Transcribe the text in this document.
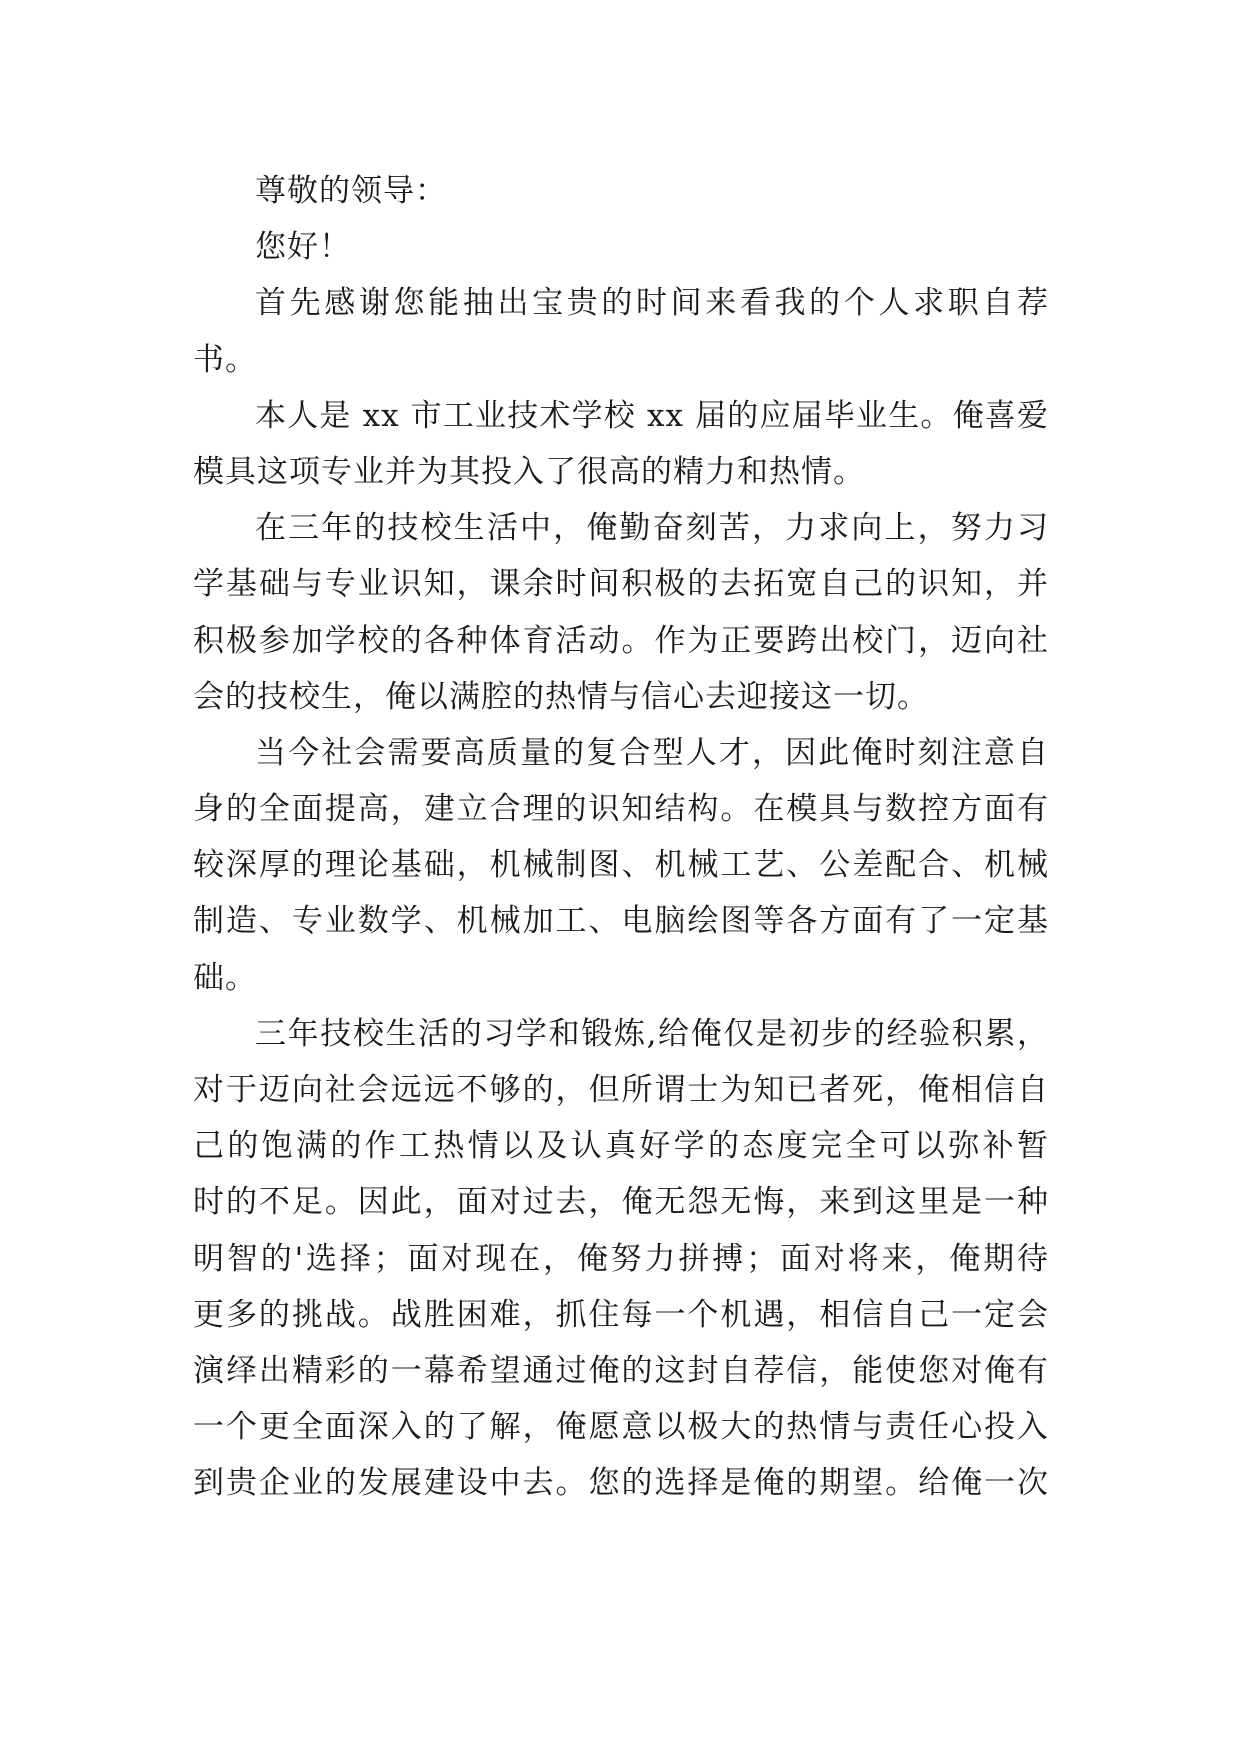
尊敬的领导：
您好！
首先感谢您能抽出宝贵的时间来看我的个人求职自荐
书。
本人是 xx 市工业技术学校 xx 届的应届毕业生。俺喜爱
模具这项专业并为其投入了很高的精力和热情。
在三年的技校生活中，俺勤奋刻苦，力求向上，努力习
学基础与专业识知，课余时间积极的去拓宽自己的识知，并
积极参加学校的各种体育活动。作为正要跨出校门，迈向社
会的技校生，俺以满腔的热情与信心去迎接这一切。
当今社会需要高质量的复合型人才，因此俺时刻注意自
身的全面提高，建立合理的识知结构。在模具与数控方面有
较深厚的理论基础，机械制图、机械工艺、公差配合、机械
制造、专业数学、机械加工、电脑绘图等各方面有了一定基
础。
三年技校生活的习学和锻炼,给俺仅是初步的经验积累，
对于迈向社会远远不够的，但所谓士为知已者死，俺相信自
己的饱满的作工热情以及认真好学的态度完全可以弥补暂
时的不足。因此，面对过去，俺无怨无悔，来到这里是一种
明智的'选择；面对现在，俺努力拼搏；面对将来，俺期待
更多的挑战。战胜困难，抓住每一个机遇，相信自己一定会
演绎出精彩的一幕希望通过俺的这封自荐信，能使您对俺有
一个更全面深入的了解，俺愿意以极大的热情与责任心投入
到贵企业的发展建设中去。您的选择是俺的期望。给俺一次
